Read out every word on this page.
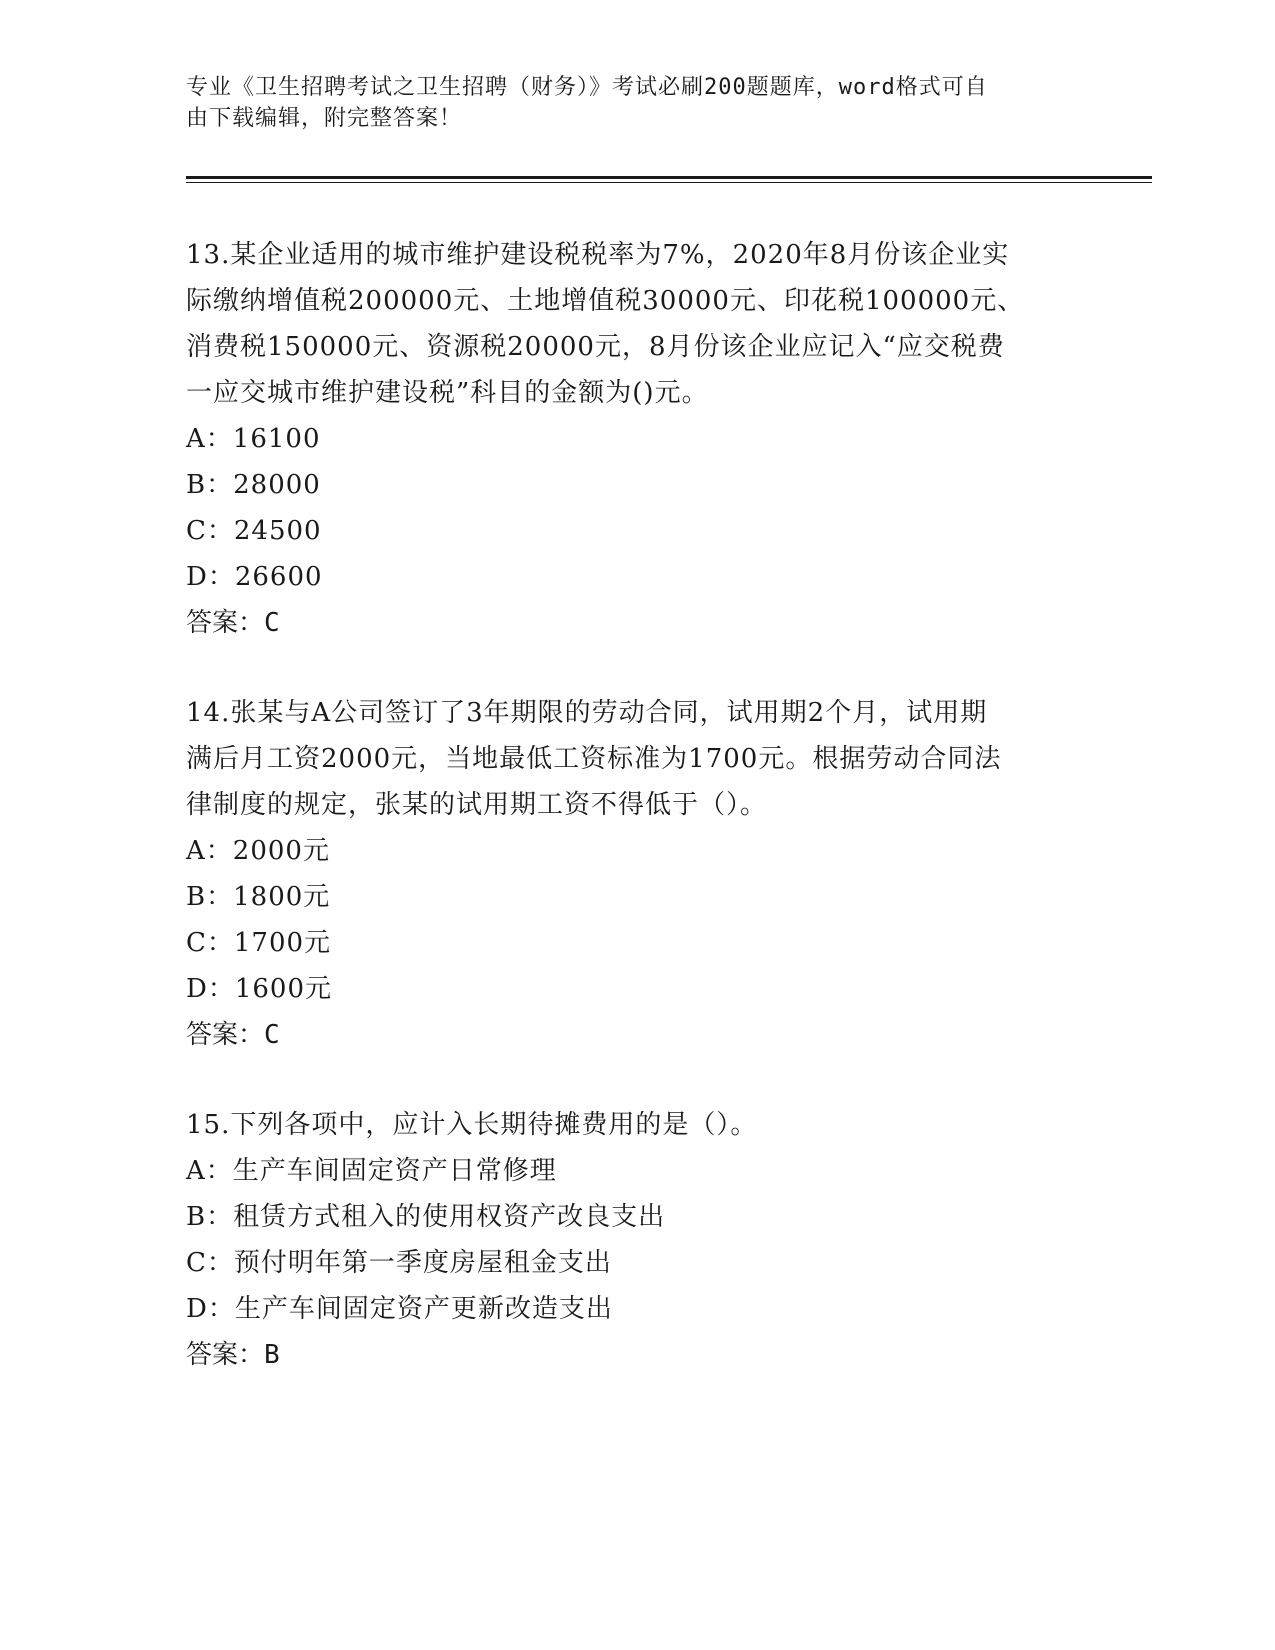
专业《卫生招聘考试之卫生招聘（财务）》考试必刷200题题库，word格式可自
由下载编辑，附完整答案！
13.某企业适用的城市维护建设税税率为7%，2020年8月份该企业实
际缴纳增值税200000元、土地增值税30000元、印花税100000元、
消费税150000元、资源税20000元，8月份该企业应记入“应交税费
一应交城市维护建设税”科目的金额为()元。
A：16100
B：28000
C：24500
D：26600
答案：C
14.张某与A公司签订了3年期限的劳动合同，试用期2个月，试用期
满后月工资2000元，当地最低工资标准为1700元。根据劳动合同法
律制度的规定，张某的试用期工资不得低于（）。
A：2000元
B：1800元
C：1700元
D：1600元
答案：C
15.下列各项中，应计入长期待摊费用的是（）。
A：生产车间固定资产日常修理
B：租赁方式租入的使用权资产改良支出
C：预付明年第一季度房屋租金支出
D：生产车间固定资产更新改造支出
答案：B
